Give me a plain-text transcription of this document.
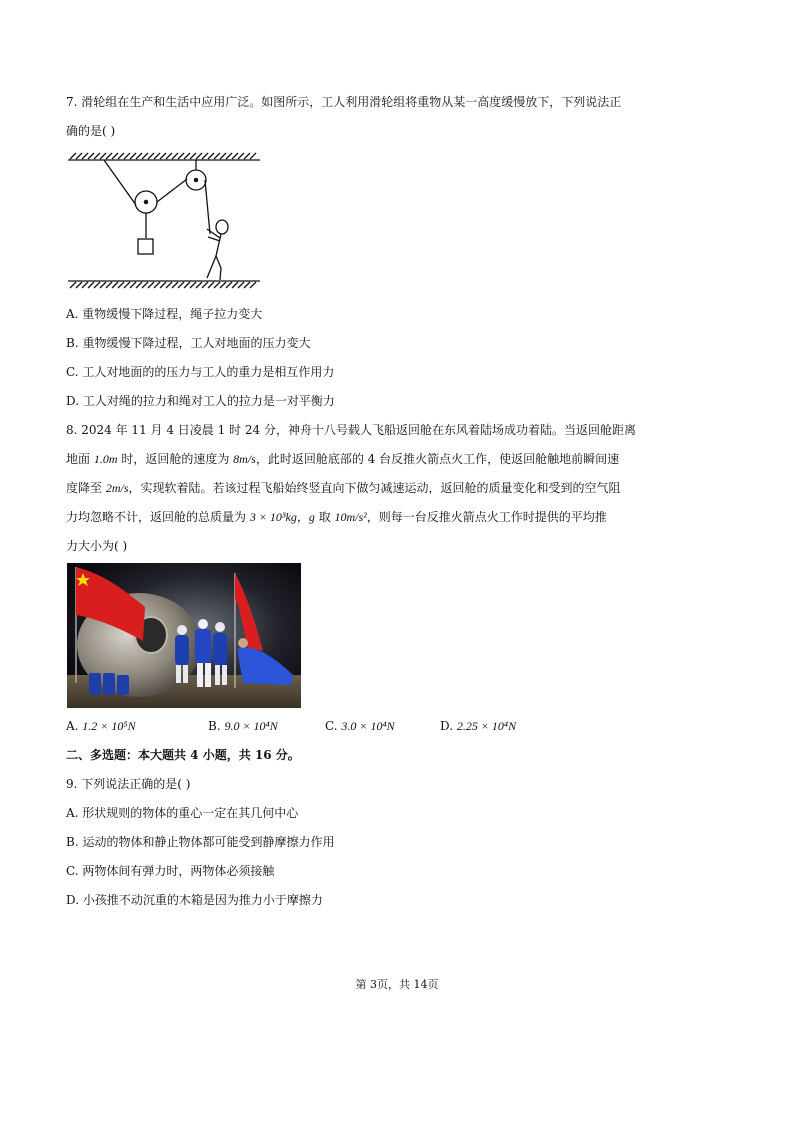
7. 滑轮组在生产和生活中应用广泛。如图所示，工人利用滑轮组将重物从某一高度缓慢放下，下列说法正
确的是( )
A. 重物缓慢下降过程，绳子拉力变大
B. 重物缓慢下降过程，工人对地面的压力变大
C. 工人对地面的的压力与工人的重力是相互作用力
D. 工人对绳的拉力和绳对工人的拉力是一对平衡力
8. 2024 年 11 月 4 日凌晨 1 时 24 分，神舟十八号载人飞船返回舱在东风着陆场成功着陆。当返回舱距离
地面 1.0m 时，返回舱的速度为 8m/s，此时返回舱底部的 4 台反推火箭点火工作，使返回舱触地前瞬间速
度降至 2m/s，实现软着陆。若该过程飞船始终竖直向下做匀减速运动，返回舱的质量变化和受到的空气阻
力均忽略不计，返回舱的总质量为 3 × 10³kg，g 取 10m/s²，则每一台反推火箭点火工作时提供的平均推
力大小为( )
A. 1.2 × 10⁵N	B. 9.0 × 10⁴N	C. 3.0 × 10⁴N	D. 2.25 × 10⁴N
二、多选题：本大题共 4 小题，共 16 分。
9. 下列说法正确的是( )
A. 形状规则的物体的重心一定在其几何中心
B. 运动的物体和静止物体都可能受到静摩擦力作用
C. 两物体间有弹力时，两物体必须接触
D. 小孩推不动沉重的木箱是因为推力小于摩擦力
第 3页，共 14页
